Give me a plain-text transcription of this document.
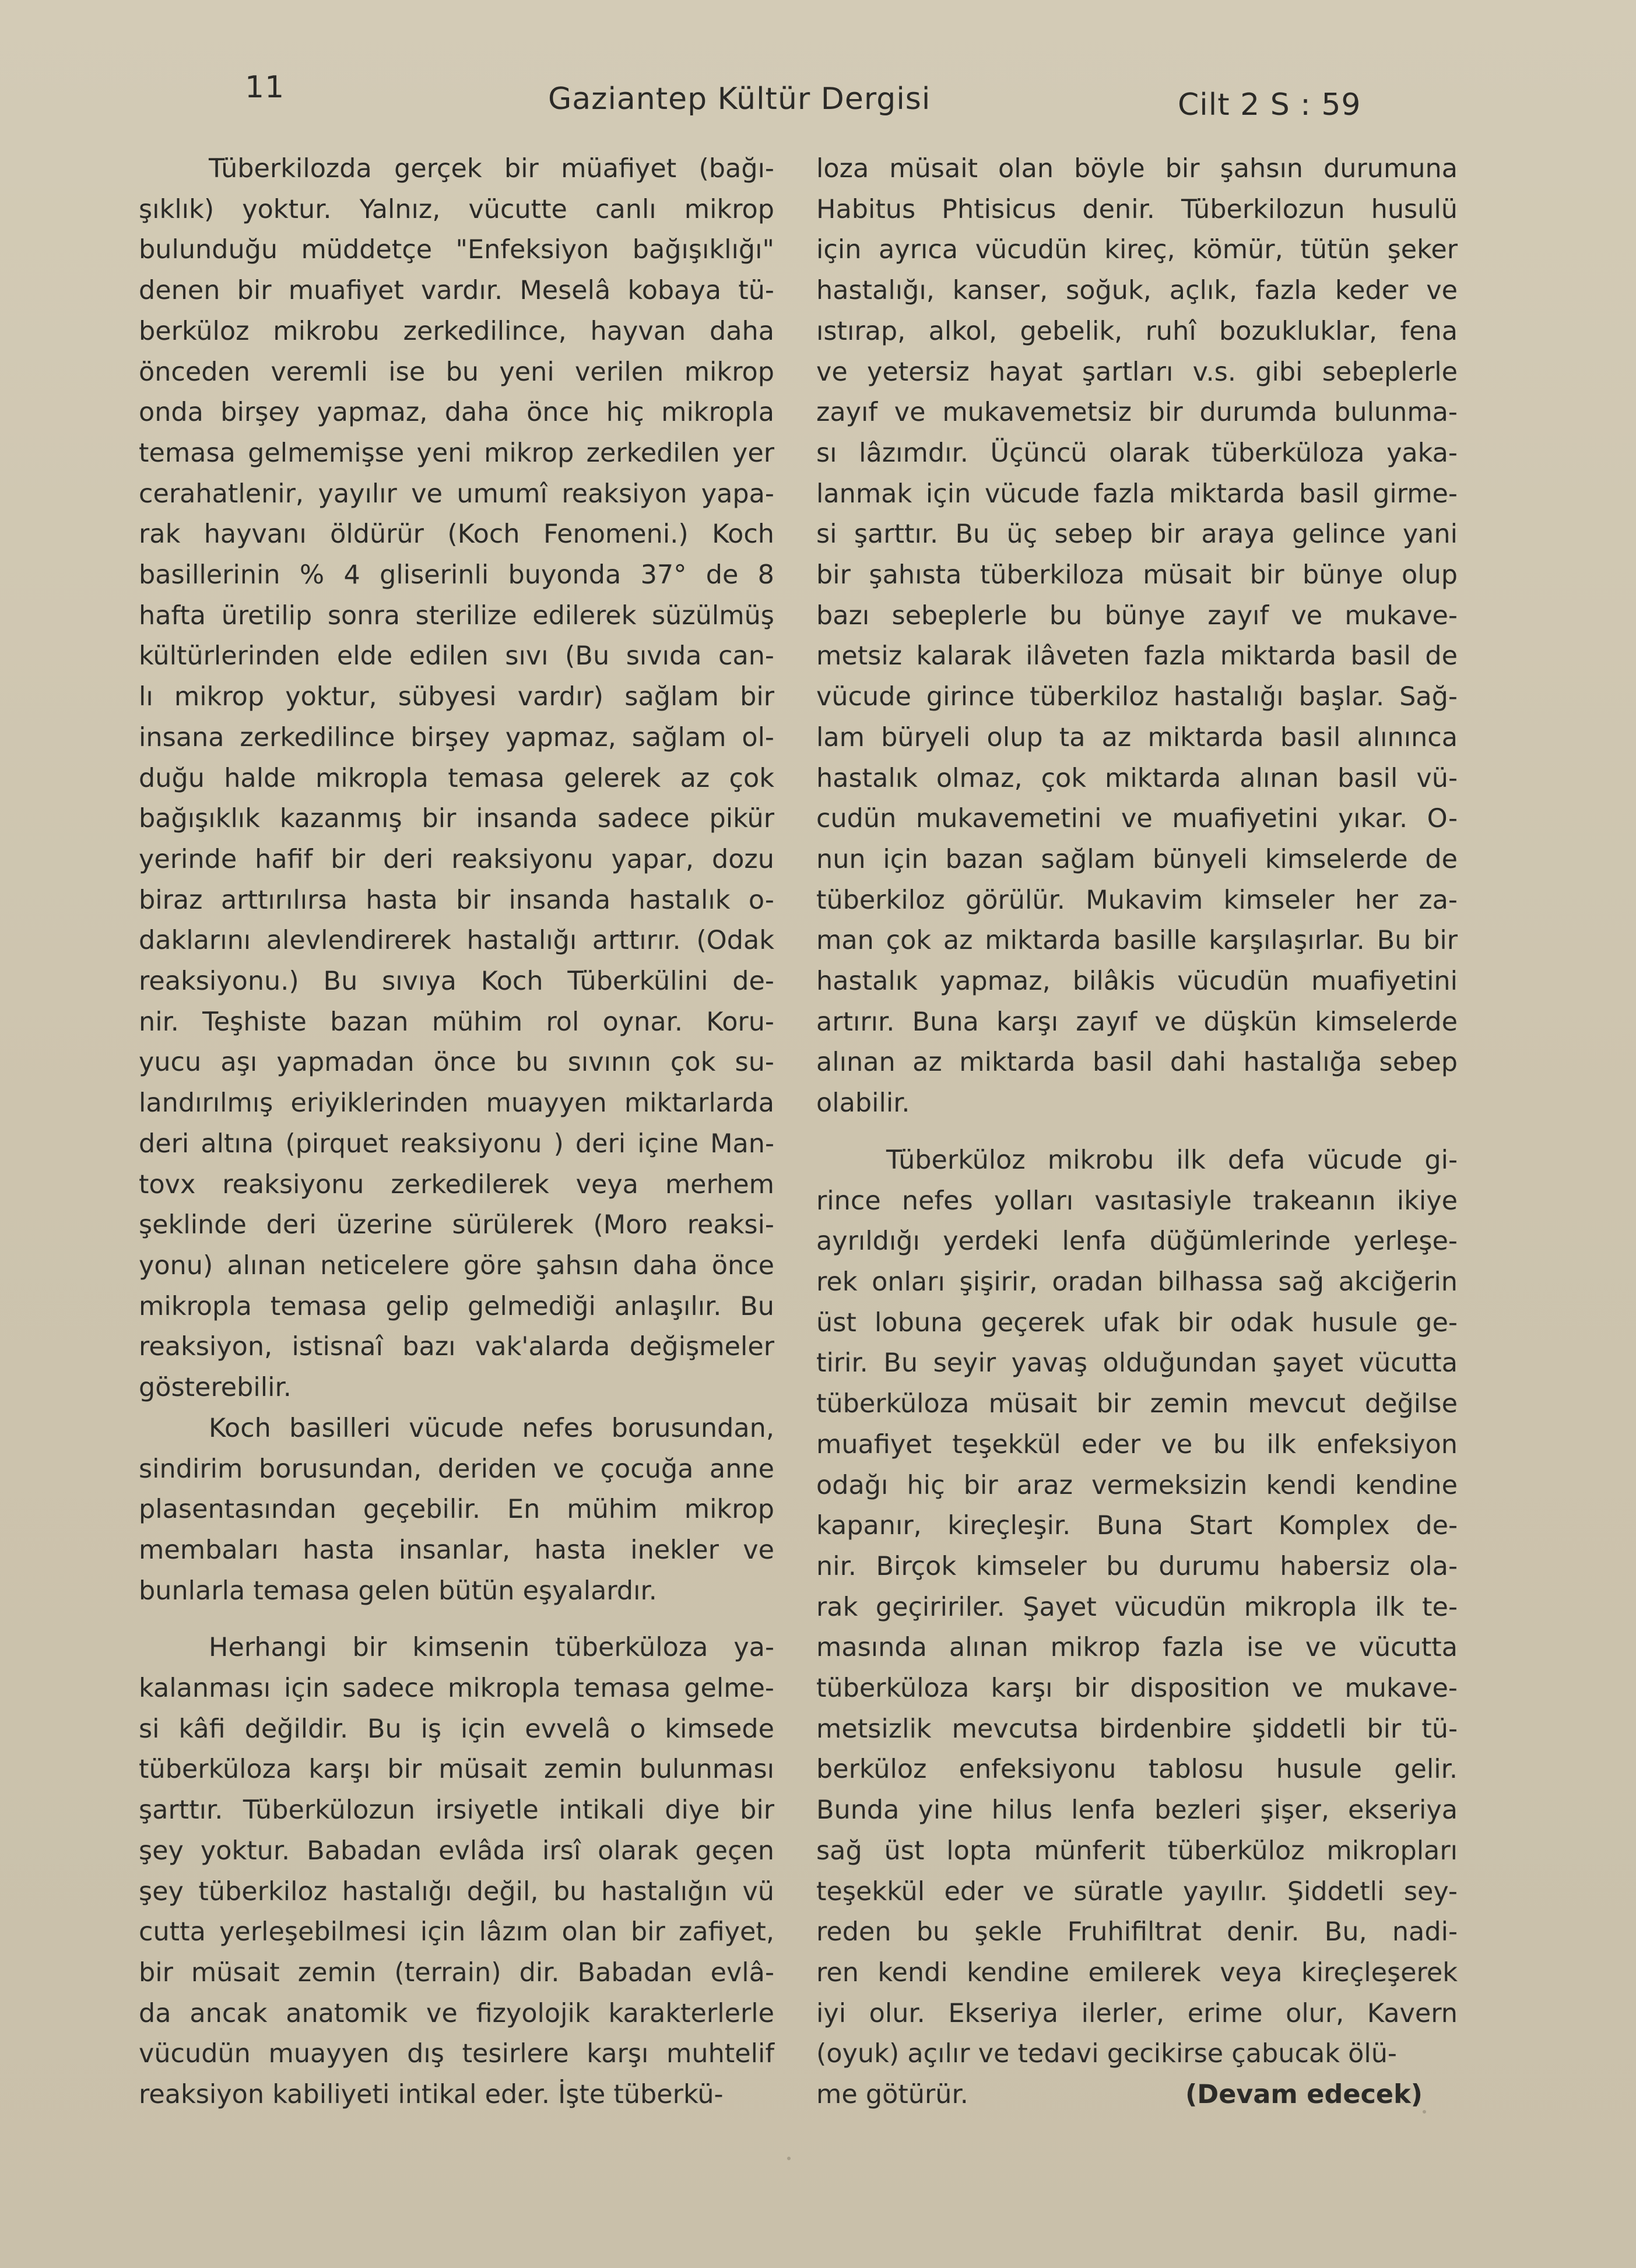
11	Gaziantep Kültür Dergisi	Cilt 2 S : 59
Tüberkilozda gerçek bir müafiyet (bağı-
şıklık) yoktur. Yalnız, vücutte canlı mikrop
bulunduğu müddetçe "Enfeksiyon bağışıklığı"
denen bir muafiyet vardır. Meselâ kobaya tü-
berküloz mikrobu zerkedilince, hayvan daha
önceden veremli ise bu yeni verilen mikrop
onda birşey yapmaz, daha önce hiç mikropla
temasa gelmemişse yeni mikrop zerkedilen yer
cerahatlenir, yayılır ve umumî reaksiyon yapa-
rak hayvanı öldürür (Koch Fenomeni.) Koch
basillerinin % 4 gliserinli buyonda 37° de 8
hafta üretilip sonra sterilize edilerek süzülmüş
kültürlerinden elde edilen sıvı (Bu sıvıda can-
lı mikrop yoktur, sübyesi vardır) sağlam bir
insana zerkedilince birşey yapmaz, sağlam ol-
duğu halde mikropla temasa gelerek az çok
bağışıklık kazanmış bir insanda sadece pikür
yerinde hafif bir deri reaksiyonu yapar, dozu
biraz arttırılırsa hasta bir insanda hastalık o-
daklarını alevlendirerek hastalığı arttırır. (Odak
reaksiyonu.) Bu sıvıya Koch Tüberkülini de-
nir. Teşhiste bazan mühim rol oynar. Koru-
yucu aşı yapmadan önce bu sıvının çok su-
landırılmış eriyiklerinden muayyen miktarlarda
deri altına (pirquet reaksiyonu ) deri içine Man-
tovx reaksiyonu zerkedilerek veya merhem
şeklinde deri üzerine sürülerek (Moro reaksi-
yonu) alınan neticelere göre şahsın daha önce
mikropla temasa gelip gelmediği anlaşılır. Bu
reaksiyon, istisnaî bazı vak'alarda değişmeler
gösterebilir.
Koch basilleri vücude nefes borusundan,
sindirim borusundan, deriden ve çocuğa anne
plasentasından geçebilir. En mühim mikrop
membaları hasta insanlar, hasta inekler ve
bunlarla temasa gelen bütün eşyalardır.
Herhangi bir kimsenin tüberküloza ya-
kalanması için sadece mikropla temasa gelme-
si kâfi değildir. Bu iş için evvelâ o kimsede
tüberküloza karşı bir müsait zemin bulunması
şarttır. Tüberkülozun irsiyetle intikali diye bir
şey yoktur. Babadan evlâda irsî olarak geçen
şey tüberkiloz hastalığı değil, bu hastalığın vü
cutta yerleşebilmesi için lâzım olan bir zafiyet,
bir müsait zemin (terrain) dir. Babadan evlâ-
da ancak anatomik ve fizyolojik karakterlerle
vücudün muayyen dış tesirlere karşı muhtelif
reaksiyon kabiliyeti intikal eder. İşte tüberkü-
loza müsait olan böyle bir şahsın durumuna
Habitus Phtisicus denir. Tüberkilozun husulü
için ayrıca vücudün kireç, kömür, tütün şeker
hastalığı, kanser, soğuk, açlık, fazla keder ve
ıstırap, alkol, gebelik, ruhî bozukluklar, fena
ve yetersiz hayat şartları v.s. gibi sebeplerle
zayıf ve mukavemetsiz bir durumda bulunma-
sı lâzımdır. Üçüncü olarak tüberküloza yaka-
lanmak için vücude fazla miktarda basil girme-
si şarttır. Bu üç sebep bir araya gelince yani
bir şahısta tüberkiloza müsait bir bünye olup
bazı sebeplerle bu bünye zayıf ve mukave-
metsiz kalarak ilâveten fazla miktarda basil de
vücude girince tüberkiloz hastalığı başlar. Sağ-
lam büryeli olup ta az miktarda basil alınınca
hastalık olmaz, çok miktarda alınan basil vü-
cudün mukavemetini ve muafiyetini yıkar. O-
nun için bazan sağlam bünyeli kimselerde de
tüberkiloz görülür. Mukavim kimseler her za-
man çok az miktarda basille karşılaşırlar. Bu bir
hastalık yapmaz, bilâkis vücudün muafiyetini
artırır. Buna karşı zayıf ve düşkün kimselerde
alınan az miktarda basil dahi hastalığa sebep
olabilir.
Tüberküloz mikrobu ilk defa vücude gi-
rince nefes yolları vasıtasiyle trakeanın ikiye
ayrıldığı yerdeki lenfa düğümlerinde yerleşe-
rek onları şişirir, oradan bilhassa sağ akciğerin
üst lobuna geçerek ufak bir odak husule ge-
tirir. Bu seyir yavaş olduğundan şayet vücutta
tüberküloza müsait bir zemin mevcut değilse
muafiyet teşekkül eder ve bu ilk enfeksiyon
odağı hiç bir araz vermeksizin kendi kendine
kapanır, kireçleşir. Buna Start Komplex de-
nir. Birçok kimseler bu durumu habersiz ola-
rak geçiririler. Şayet vücudün mikropla ilk te-
masında alınan mikrop fazla ise ve vücutta
tüberküloza karşı bir disposition ve mukave-
metsizlik mevcutsa birdenbire şiddetli bir tü-
berküloz enfeksiyonu tablosu husule gelir.
Bunda yine hilus lenfa bezleri şişer, ekseriya
sağ üst lopta münferit tüberküloz mikropları
teşekkül eder ve süratle yayılır. Şiddetli sey-
reden bu şekle Fruhifiltrat denir. Bu, nadi-
ren kendi kendine emilerek veya kireçleşerek
iyi olur. Ekseriya ilerler, erime olur, Kavern
(oyuk) açılır ve tedavi gecikirse çabucak ölü-
me götürür.	(Devam edecek)
